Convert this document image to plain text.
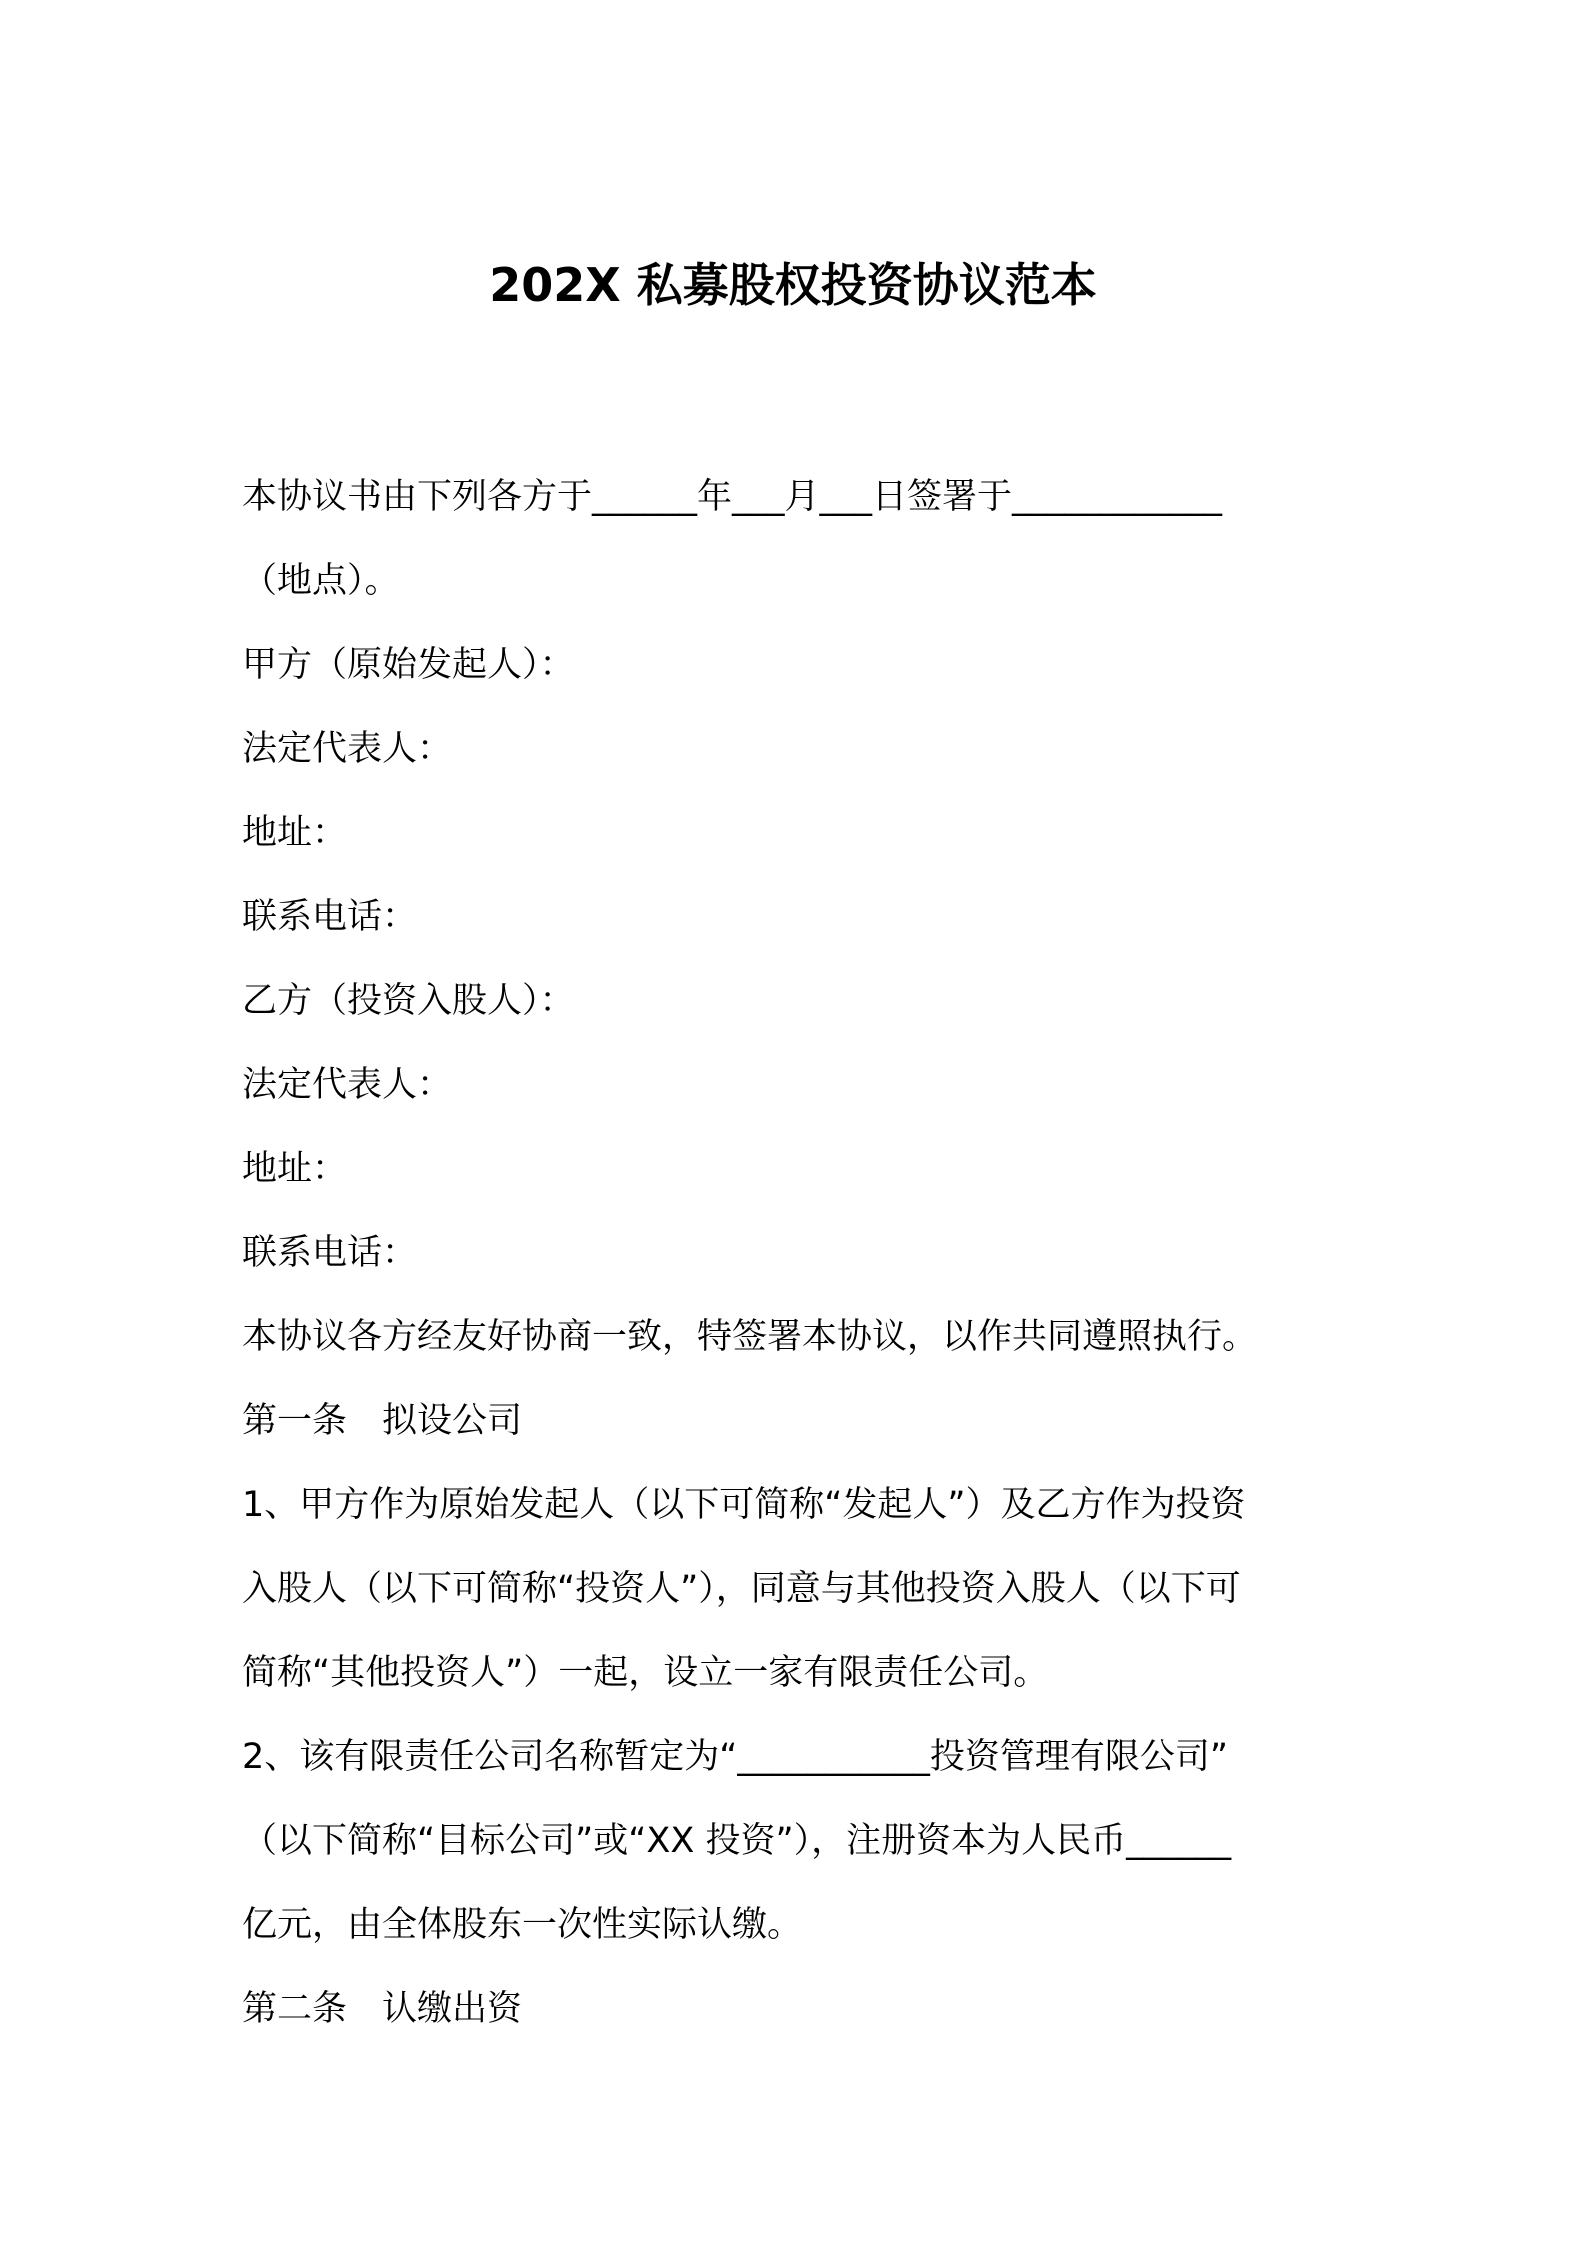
202X 私募股权投资协议范本
本协议书由下列各方于______年___月___日签署于____________
（地点）。
甲方（原始发起人）：
法定代表人：
地址：
联系电话：
乙方（投资入股人）：
法定代表人：
地址：
联系电话：
本协议各方经友好协商一致，特签署本协议，以作共同遵照执行。
第一条　拟设公司
1、甲方作为原始发起人（以下可简称“发起人”）及乙方作为投资
入股人（以下可简称“投资人”），同意与其他投资入股人（以下可
简称“其他投资人”）一起，设立一家有限责任公司。
2、该有限责任公司名称暂定为“___________投资管理有限公司”
（以下简称“目标公司”或“XX 投资”），注册资本为人民币______
亿元，由全体股东一次性实际认缴。
第二条　认缴出资
